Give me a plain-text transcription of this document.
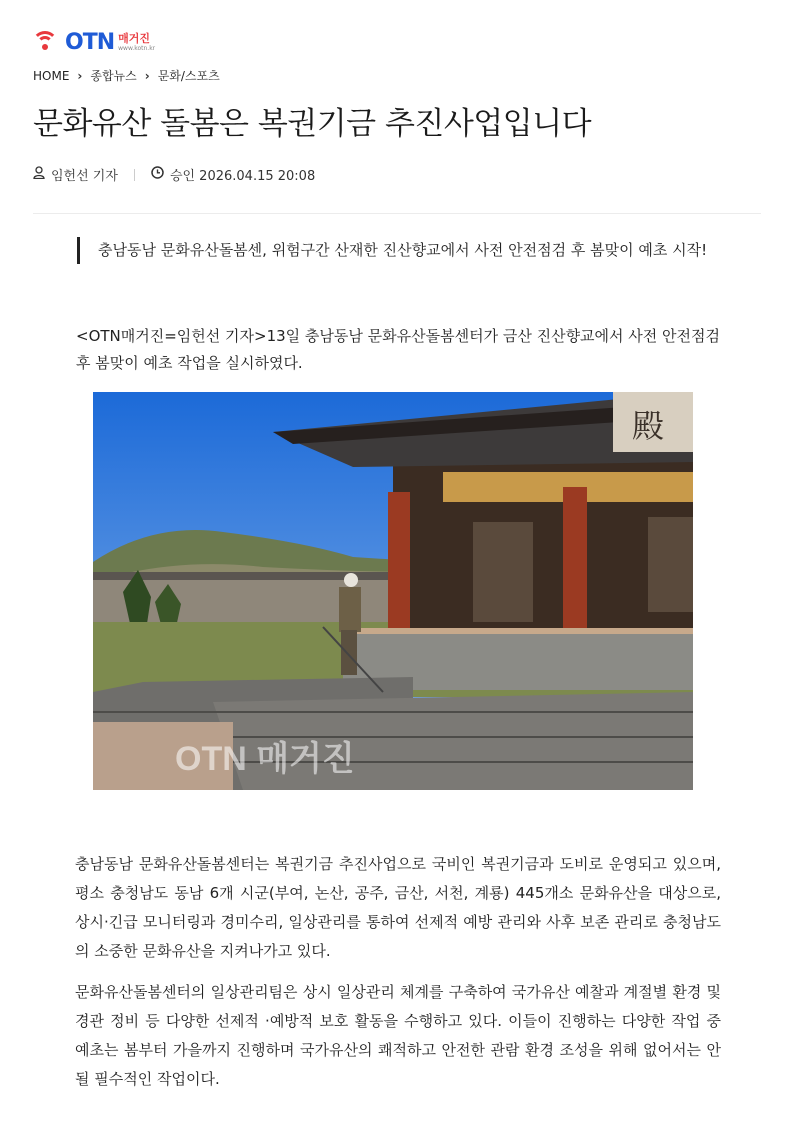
OTN 매거진
www.kotn.kr
HOME › 종합뉴스 › 문화/스포츠
문화유산 돌봄은 복권기금 추진사업입니다
임헌선 기자	승인 2026.04.15 20:08
충남동남 문화유산돌봄센, 위험구간 산재한 진산향교에서 사전 안전점검 후 봄맞이 예초 시작!

<OTN매거진=임헌선 기자>13일 충남동남 문화유산돌봄센터가 금산 진산향교에서 사전 안전점검 후 봄맞이 예초 작업을 실시하였다.

殿
OTN 매거진

충남동남 문화유산돌봄센터는 복권기금 추진사업으로 국비인 복권기금과 도비로 운영되고 있으며, 평소 충청남도 동남 6개 시군(부여, 논산, 공주, 금산, 서천, 계룡) 445개소 문화유산을 대상으로, 상시·긴급 모니터링과 경미수리, 일상관리를 통하여 선제적 예방 관리와 사후 보존 관리로 충청남도의 소중한 문화유산을 지켜나가고 있다.

문화유산돌봄센터의 일상관리팀은 상시 일상관리 체계를 구축하여 국가유산 예찰과 계절별 환경 및 경관 정비 등 다양한 선제적 ·예방적 보호 활동을 수행하고 있다. 이들이 진행하는 다양한 작업 중 예초는 봄부터 가을까지 진행하며 국가유산의 쾌적하고 안전한 관람 환경 조성을 위해 없어서는 안 될 필수적인 작업이다.
